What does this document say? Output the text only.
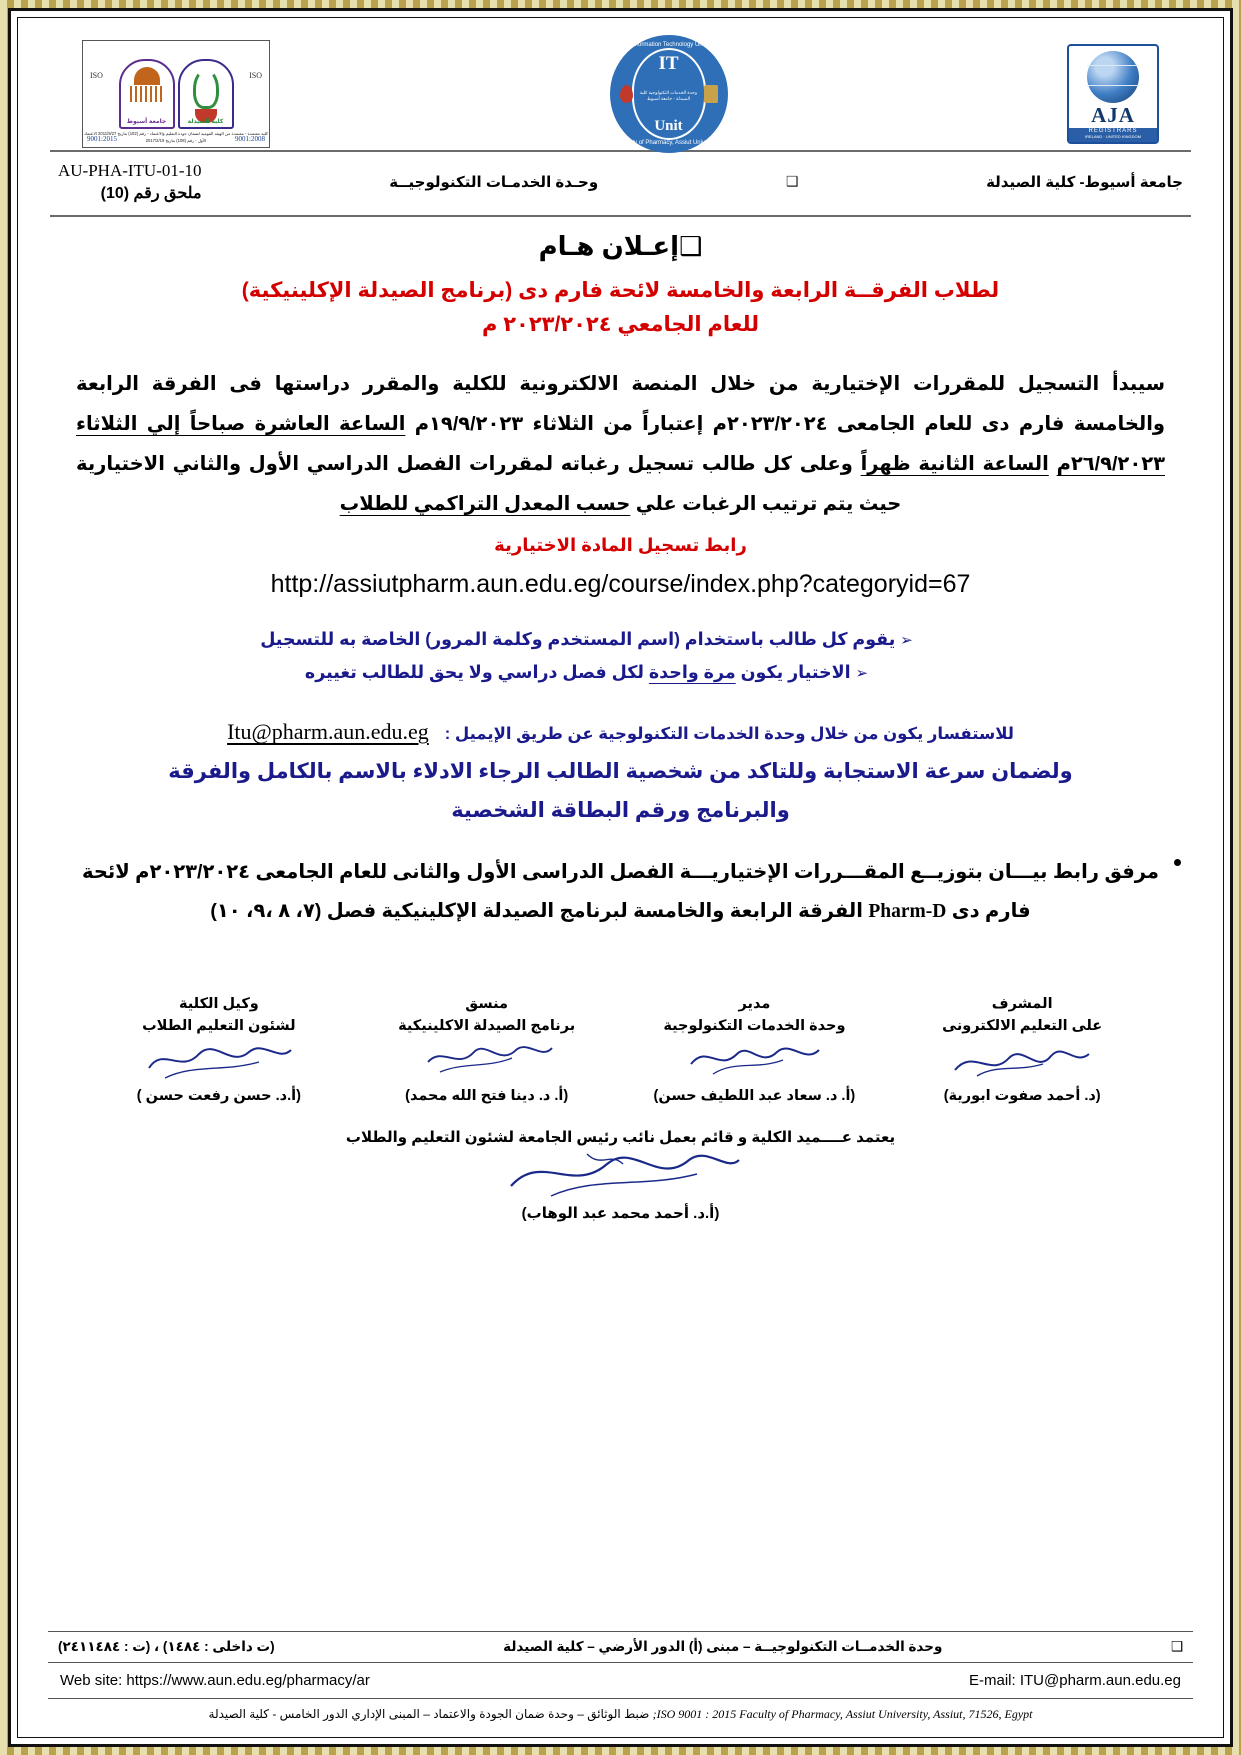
AJA
REGISTRARS
IRELAND · UNITED KINGDOM
Information Technology Unit
IT
وحدة الخدمات التكنولوجية كلية الصيدلة - جامعة أسيوط
Unit
Faculty of Pharmacy, Assiut University
ISO	ISO
كلية الصيدلة
جامعة أسيوط
كلية معتمدة - معتمدة من الهيئة القومية لضمان جودة التعليم والاعتماد - رقم (102) بتاريخ 2011/9/27 الاعتماد الأول - رقم (108) بتاريخ 2017/2/19
9001:2015	9001:2008
جامعة أسيوط- كلية الصيدلة
❑
وحـدة الخدمـات التكنولوجيــة
AU-PHA-ITU-01-10
ملحق رقم (10)
❑إعـلان هـام
لطلاب الفرقــة الرابعة والخامسة لائحة فارم دى (برنامج الصيدلة الإكلينيكية)
للعام الجامعي ٢٠٢٣/٢٠٢٤ م
سيبدأ التسجيل للمقررات الإختيارية من خلال المنصة الالكترونية للكلية والمقرر دراستها فى الفرقة الرابعة والخامسة فارم دى للعام الجامعى ٢٠٢٣/٢٠٢٤م إعتباراً من الثلاثاء ١٩/٩/٢٠٢٣م الساعة العاشرة صباحاً إلي الثلاثاء ٢٦/٩/٢٠٢٣م الساعة الثانية ظهراً وعلى كل طالب تسجيل رغباته لمقررات الفصل الدراسي الأول والثاني الاختيارية حيث يتم ترتيب الرغبات علي حسب المعدل التراكمي للطلاب
رابط تسجيل المادة الاختيارية
http://assiutpharm.aun.edu.eg/course/index.php?categoryid=67
➢ يقوم كل طالب باستخدام (اسم المستخدم وكلمة المرور) الخاصة به للتسجيل
➢ الاختيار يكون مرة واحدة لكل فصل دراسي ولا يحق للطالب تغييره
للاستفسار يكون من خلال وحدة الخدمات التكنولوجية عن طريق الإيميل :
Itu@pharm.aun.edu.eg
ولضمان سرعة الاستجابة وللتاكد من شخصية الطالب الرجاء الادلاء بالاسم بالكامل والفرقة
والبرنامج ورقم البطاقة الشخصية
مرفق رابط بيـــان بتوزيــع المقـــررات الإختياريـــة الفصل الدراسى الأول والثانى للعام الجامعى ٢٠٢٣/٢٠٢٤م لائحة فارم دى Pharm-D الفرقة الرابعة والخامسة لبرنامج الصيدلة الإكلينيكية فصل (٧، ٨ ،٩، ١٠)
المشرف
على التعليم الالكترونى
(د. أحمد صفوت ابورية)
مدير
وحدة الخدمات التكنولوجية
(أ. د. سعاد عبد اللطيف حسن)
منسق
برنامج الصيدلة الاكلينيكية
(أ. د. دينا فتح الله محمد)
وكيل الكلية
لشئون التعليم الطلاب
(أ.د. حسن رفعت حسن )
يعتمد عــــميد الكلية و قائم بعمل نائب رئيس الجامعة لشئون التعليم والطلاب
(أ.د. أحمد محمد عبد الوهاب)
❑
وحدة الخدمــات التكنولوجيــة – مبنى (أ) الدور الأرضي – كلية الصيدلة
(ت داخلى : ١٤٨٤) ، (ت : ٢٤١١٤٨٤)
Web site: https://www.aun.edu.eg/pharmacy/ar	E-mail: ITU@pharm.aun.edu.eg
ISO 9001 : 2015 Faculty of Pharmacy, Assiut University, Assiut, 71526, Egypt; ضبط الوثائق – وحدة ضمان الجودة والاعتماد – المبنى الإداري الدور الخامس - كلية الصيدلة
